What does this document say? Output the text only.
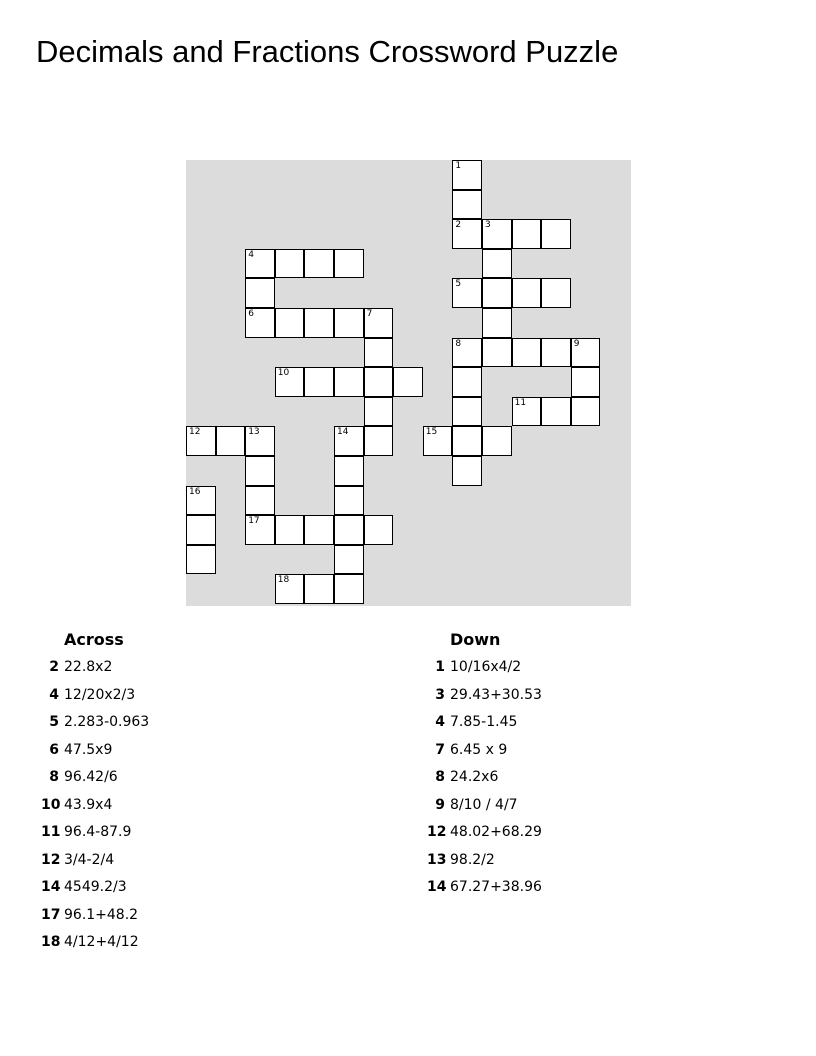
Decimals and Fractions Crossword Puzzle
1
2	3
4
5
6	7
8	9
10
11
12	13	14	15
16
17
18
Across
2 22.8x2
4 12/20x2/3
5 2.283-0.963
6 47.5x9
8 96.42/6
10 43.9x4
11 96.4-87.9
12 3/4-2/4
14 4549.2/3
17 96.1+48.2
18 4/12+4/12
Down
1 10/16x4/2
3 29.43+30.53
4 7.85-1.45
7 6.45 x 9
8 24.2x6
9 8/10 / 4/7
12 48.02+68.29
13 98.2/2
14 67.27+38.96
